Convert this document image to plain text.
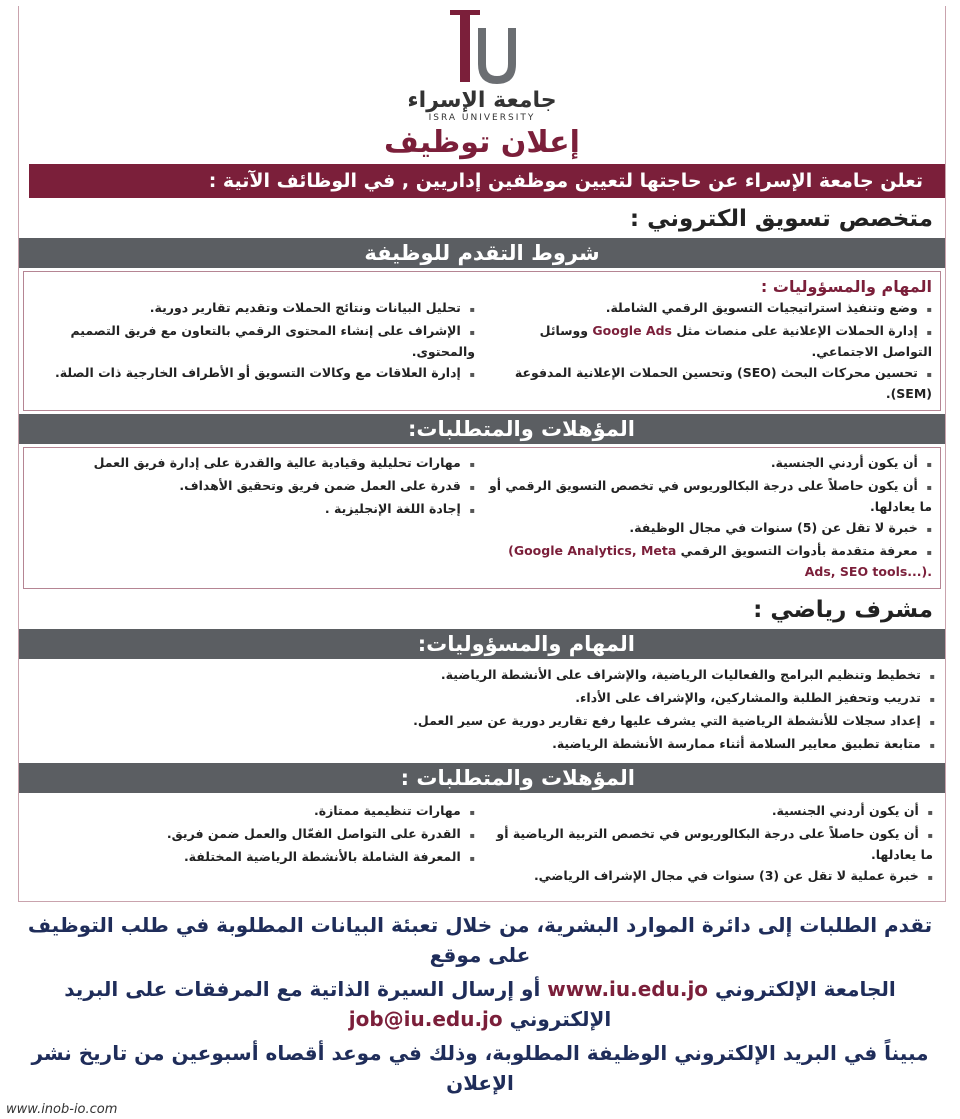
جامعة الإسراء
ISRA UNIVERSITY
إعلان توظيف
تعلن جامعة الإسراء عن حاجتها لتعيين موظفين إداريين , في الوظائف الآتية :
متخصص تسويق الكتروني :
شروط التقدم للوظيفة
المهام والمسؤوليات :
▪ وضع وتنفيذ استراتيجيات التسويق الرقمي الشاملة.
▪ إدارة الحملات الإعلانية على منصات مثل Google Ads ووسائل التواصل الاجتماعي.
▪ تحسين محركات البحث (SEO) وتحسين الحملات الإعلانية المدفوعة (SEM).
▪ تحليل البيانات ونتائج الحملات وتقديم تقارير دورية.
▪ الإشراف على إنشاء المحتوى الرقمي بالتعاون مع فريق التصميم والمحتوى.
▪ إدارة العلاقات مع وكالات التسويق أو الأطراف الخارجية ذات الصلة.
المؤهلات والمتطلبات:
▪ أن يكون أردني الجنسية.
▪ أن يكون حاصلاً على درجة البكالوريوس في تخصص التسويق الرقمي أو ما يعادلها.
▪ خبرة لا تقل عن (5) سنوات في مجال الوظيفة.
▪ معرفة متقدمة بأدوات التسويق الرقمي (Google Analytics, Meta Ads, SEO tools...).
▪ مهارات تحليلية وقيادية عالية والقدرة على إدارة فريق العمل
▪ قدرة على العمل ضمن فريق وتحقيق الأهداف.
▪ إجادة اللغة الإنجليزية .
مشرف رياضي :
المهام والمسؤوليات:
▪ تخطيط وتنظيم البرامج والفعاليات الرياضية، والإشراف على الأنشطة الرياضية.
▪ تدريب وتحفيز الطلبة والمشاركين، والإشراف على الأداء.
▪ إعداد سجلات للأنشطة الرياضية التي يشرف عليها رفع تقارير دورية عن سير العمل.
▪ متابعة تطبيق معايير السلامة أثناء ممارسة الأنشطة الرياضية.
المؤهلات والمتطلبات :
▪ أن يكون أردني الجنسية.
▪ أن يكون حاصلاً على درجة البكالوريوس في تخصص التربية الرياضية أو ما يعادلها.
▪ خبرة عملية لا تقل عن (3) سنوات في مجال الإشراف الرياضي.
▪ مهارات تنظيمية ممتازة.
▪ القدرة على التواصل الفعّال والعمل ضمن فريق.
▪ المعرفة الشاملة بالأنشطة الرياضية المختلفة.
تقدم الطلبات إلى دائرة الموارد البشرية، من خلال تعبئة البيانات المطلوبة في طلب التوظيف على موقع
الجامعة الإلكتروني www.iu.edu.jo أو إرسال السيرة الذاتية مع المرفقات على البريد الإلكتروني job@iu.edu.jo
مبيناً في البريد الإلكتروني الوظيفة المطلوبة، وذلك في موعد أقصاه أسبوعين من تاريخ نشر الإعلان
www.inob-io.com
